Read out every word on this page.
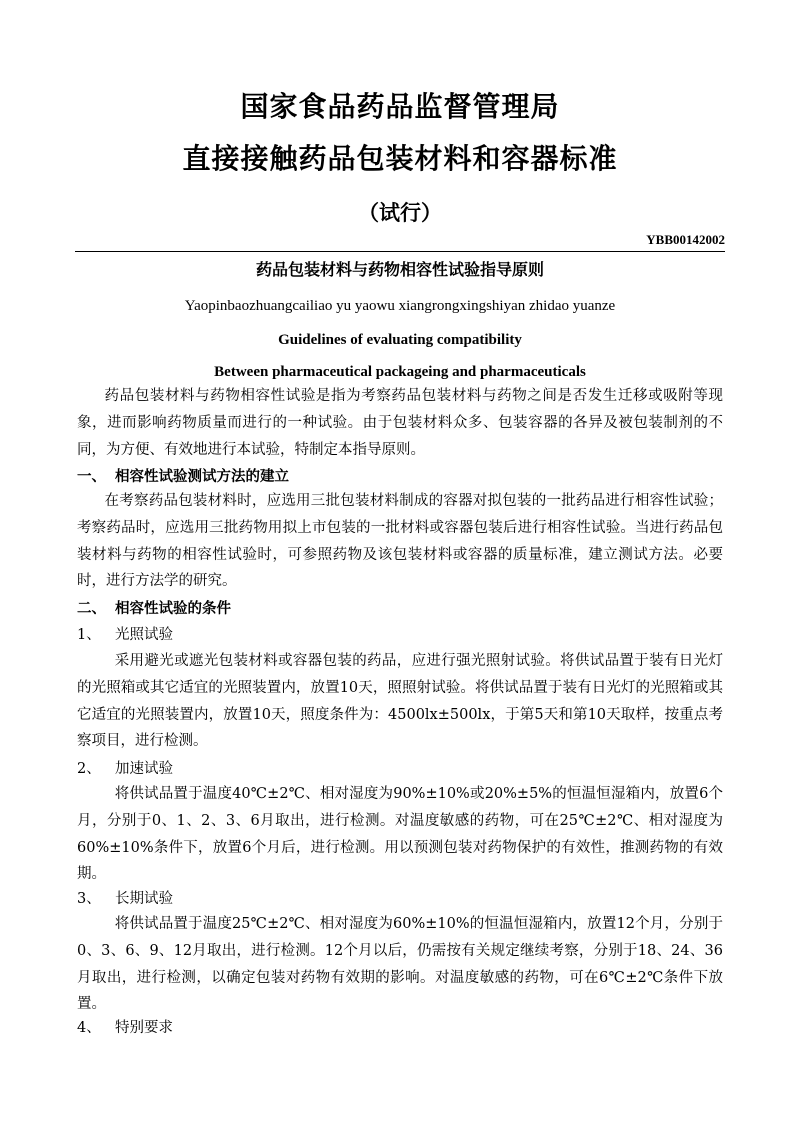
国家食品药品监督管理局
直接接触药品包装材料和容器标准
（试行）
YBB00142002
药品包装材料与药物相容性试验指导原则
Yaopinbaozhuangcailiao yu yaowu xiangrongxingshiyan zhidao yuanze
Guidelines of evaluating compatibility
Between pharmaceutical packageing and pharmaceuticals

药品包装材料与药物相容性试验是指为考察药品包装材料与药物之间是否发生迁移或吸附等现象，进而影响药物质量而进行的一种试验。由于包装材料众多、包装容器的各异及被包装制剂的不同，为方便、有效地进行本试验，特制定本指导原则。

一、 相容性试验测试方法的建立

在考察药品包装材料时，应选用三批包装材料制成的容器对拟包装的一批药品进行相容性试验；考察药品时，应选用三批药物用拟上市包装的一批材料或容器包装后进行相容性试验。当进行药品包装材料与药物的相容性试验时，可参照药物及该包装材料或容器的质量标准，建立测试方法。必要时，进行方法学的研究。

二、 相容性试验的条件
1、 光照试验

采用避光或遮光包装材料或容器包装的药品，应进行强光照射试验。将供试品置于装有日光灯的光照箱或其它适宜的光照装置内，放置10天，照照射试验。将供试品置于装有日光灯的光照箱或其它适宜的光照装置内，放置10天，照度条件为：4500lx±500lx，于第5天和第10天取样，按重点考察项目，进行检测。

2、 加速试验

将供试品置于温度40℃±2℃、相对湿度为90%±10%或20%±5%的恒温恒湿箱内，放置6个月，分别于0、1、2、3、6月取出，进行检测。对温度敏感的药物，可在25℃±2℃、相对湿度为60%±10%条件下，放置6个月后，进行检测。用以预测包装对药物保护的有效性，推测药物的有效期。

3、 长期试验

将供试品置于温度25℃±2℃、相对湿度为60%±10%的恒温恒湿箱内，放置12个月，分别于0、3、6、9、12月取出，进行检测。12个月以后，仍需按有关规定继续考察，分别于18、24、36月取出，进行检测，以确定包装对药物有效期的影响。对温度敏感的药物，可在6℃±2℃条件下放置。

4、 特别要求
